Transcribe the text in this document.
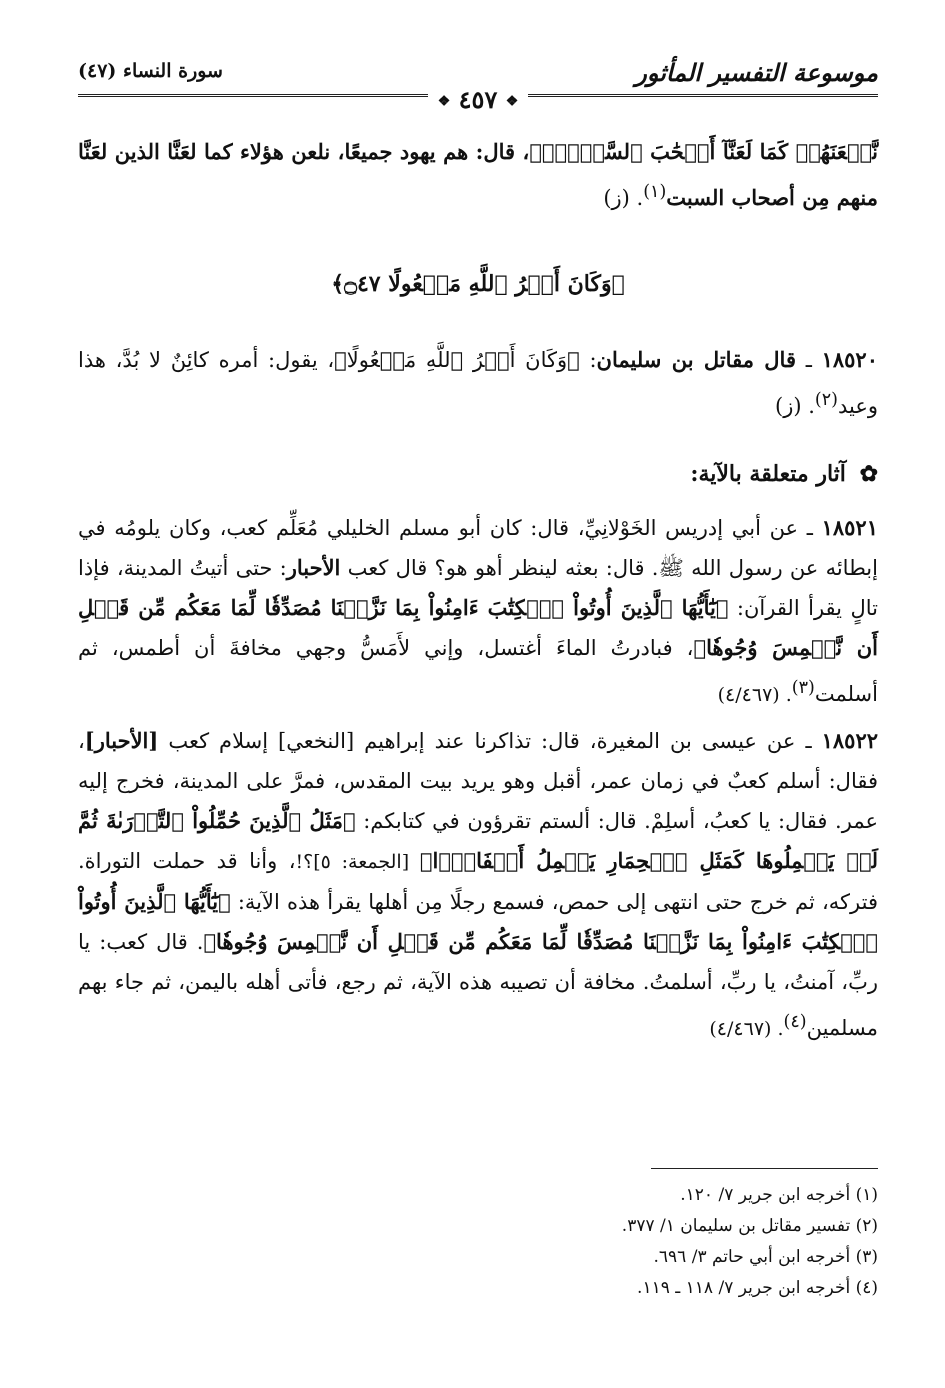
موسوعة التفسير المأثور
سورة النساء (٤٧)
❖ ٤٥٧ ❖

نَّلۡعَنَهُمۡ كَمَا لَعَنَّآ أَصۡحَٰبَ ٱلسَّبۡتِۚ﴾، قال: هم يهود جميعًا، نلعن هؤلاء كما لعَنَّا الذين لعَنَّا منهم مِن أصحاب السبت$^{(١)}$. (ز)

﴿وَكَانَ أَمۡرُ ٱللَّهِ مَفۡعُولًا ۝٤٧﴾

١٨٥٢٠ ـ قال مقاتل بن سليمان: ﴿وَكَانَ أَمۡرُ ٱللَّهِ مَفۡعُولًا﴾، يقول: أمره كائِنٌ لا بُدَّ، هذا وعيد$^{(٢)}$. (ز)

✿ آثار متعلقة بالآية:

١٨٥٢١ ـ عن أبي إدريس الخَوْلانِيِّ، قال: كان أبو مسلم الخليلي مُعَلِّم كعب، وكان يلومُه في إبطائه عن رسول الله ﷺ. قال: بعثه لينظر أهو هو؟ قال كعب الأحبار: حتى أتيتُ المدينة، فإذا تالٍ يقرأ القرآن: ﴿يَٰٓأَيُّهَا ٱلَّذِينَ أُوتُواْ ٱلۡكِتَٰبَ ءَامِنُواْ بِمَا نَزَّلۡنَا مُصَدِّقٗا لِّمَا مَعَكُم مِّن قَبۡلِ أَن نَّطۡمِسَ وُجُوهٗا﴾، فبادرتُ الماءَ أغتسل، وإني لأَمَسُّ وجهي مخافةَ أن أطمس، ثم أسلمت$^{(٣)}$. (٤/٤٦٧)

١٨٥٢٢ ـ عن عيسى بن المغيرة، قال: تذاكرنا عند إبراهيم [النخعي] إسلام كعب [الأحبار]، فقال: أسلم كعبٌ في زمان عمر، أقبل وهو يريد بيت المقدس، فمرَّ على المدينة، فخرج إليه عمر. فقال: يا كعبُ، أسلِمْ. قال: ألستم تقرؤون في كتابكم: ﴿مَثَلُ ٱلَّذِينَ حُمِّلُواْ ٱلتَّوۡرَىٰةَ ثُمَّ لَمۡ يَحۡمِلُوهَا كَمَثَلِ ٱلۡحِمَارِ يَحۡمِلُ أَسۡفَارَۢا﴾ [الجمعة: ٥]؟!، وأنا قد حملت التوراة. فتركه، ثم خرج حتى انتهى إلى حمص، فسمع رجلًا مِن أهلها يقرأ هذه الآية: ﴿يَٰٓأَيُّهَا ٱلَّذِينَ أُوتُواْ ٱلۡكِتَٰبَ ءَامِنُواْ بِمَا نَزَّلۡنَا مُصَدِّقٗا لِّمَا مَعَكُم مِّن قَبۡلِ أَن نَّطۡمِسَ وُجُوهٗا﴾. قال كعب: يا ربِّ، آمنتُ، يا ربِّ، أسلمتُ. مخافة أن تصيبه هذه الآية، ثم رجع، فأتى أهله باليمن، ثم جاء بهم مسلمين$^{(٤)}$. (٤/٤٦٧)

(١) أخرجه ابن جرير ٧/ ١٢٠.
(٢) تفسير مقاتل بن سليمان ١/ ٣٧٧.
(٣) أخرجه ابن أبي حاتم ٣/ ٦٩٦.
(٤) أخرجه ابن جرير ٧/ ١١٨ ـ ١١٩.
